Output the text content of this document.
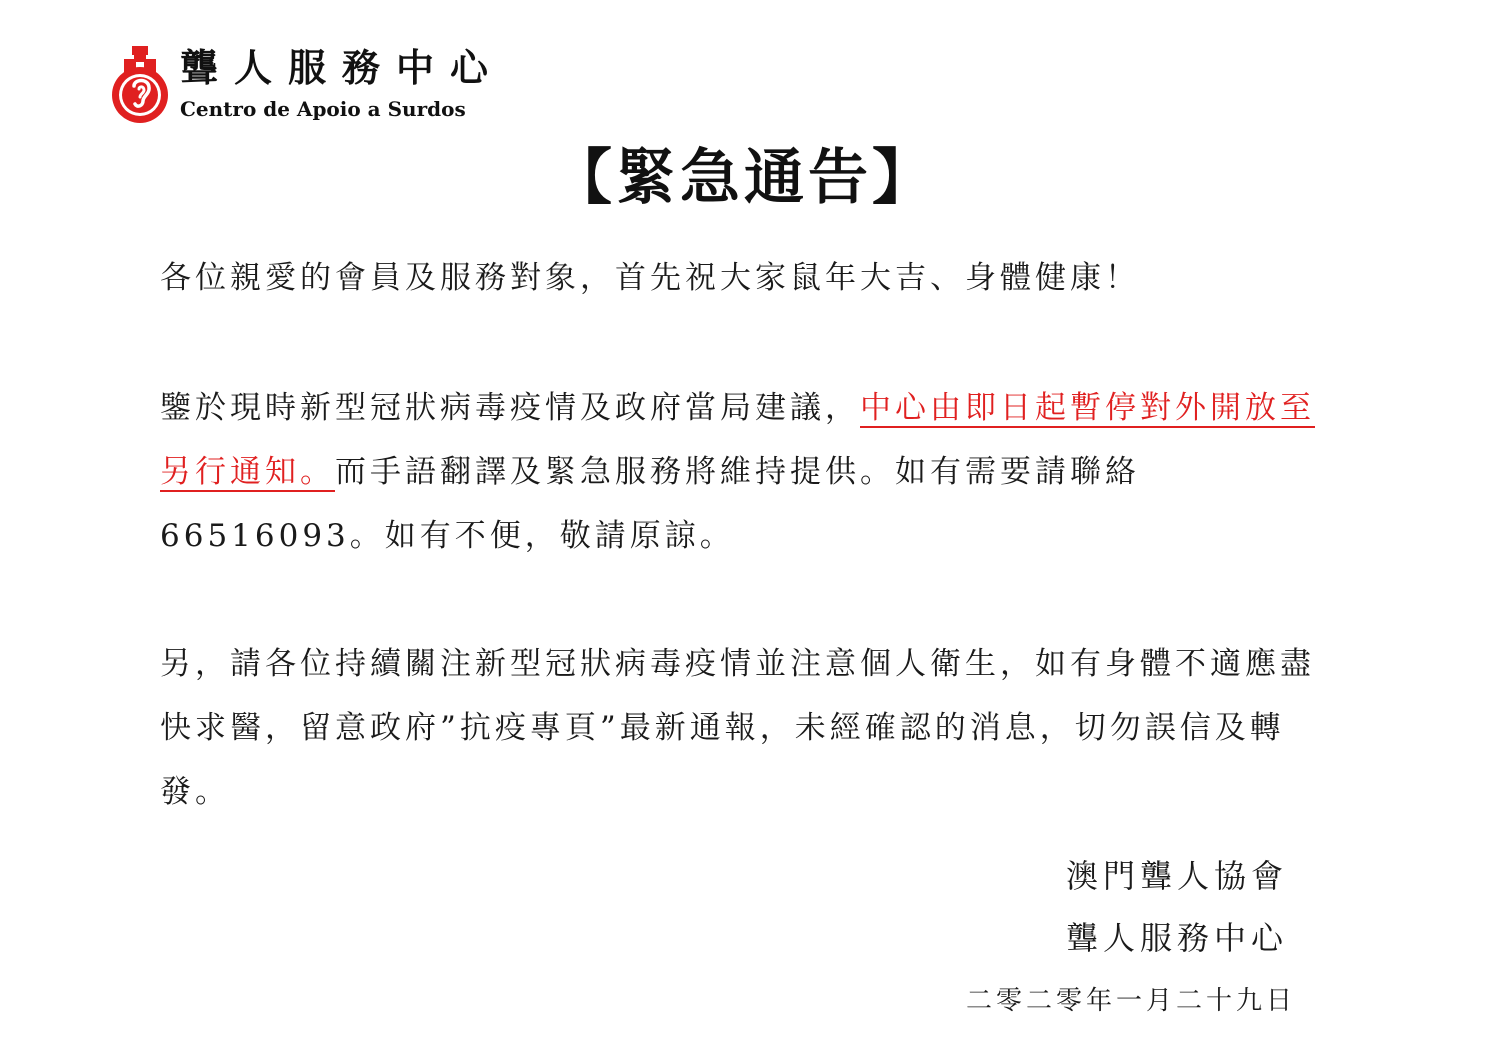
聾人服務中心
Centro de Apoio a Surdos
【緊急通告】
各位親愛的會員及服務對象，首先祝大家鼠年大吉、身體健康！
鑒於現時新型冠狀病毒疫情及政府當局建議，中心由即日起暫停對外開放至另行通知。而手語翻譯及緊急服務將維持提供。如有需要請聯絡 66516093。如有不便，敬請原諒。
另，請各位持續關注新型冠狀病毒疫情並注意個人衛生，如有身體不適應盡快求醫，留意政府”抗疫專頁”最新通報，未經確認的消息，切勿誤信及轉發。
澳門聾人協會
聾人服務中心
二零二零年一月二十九日
